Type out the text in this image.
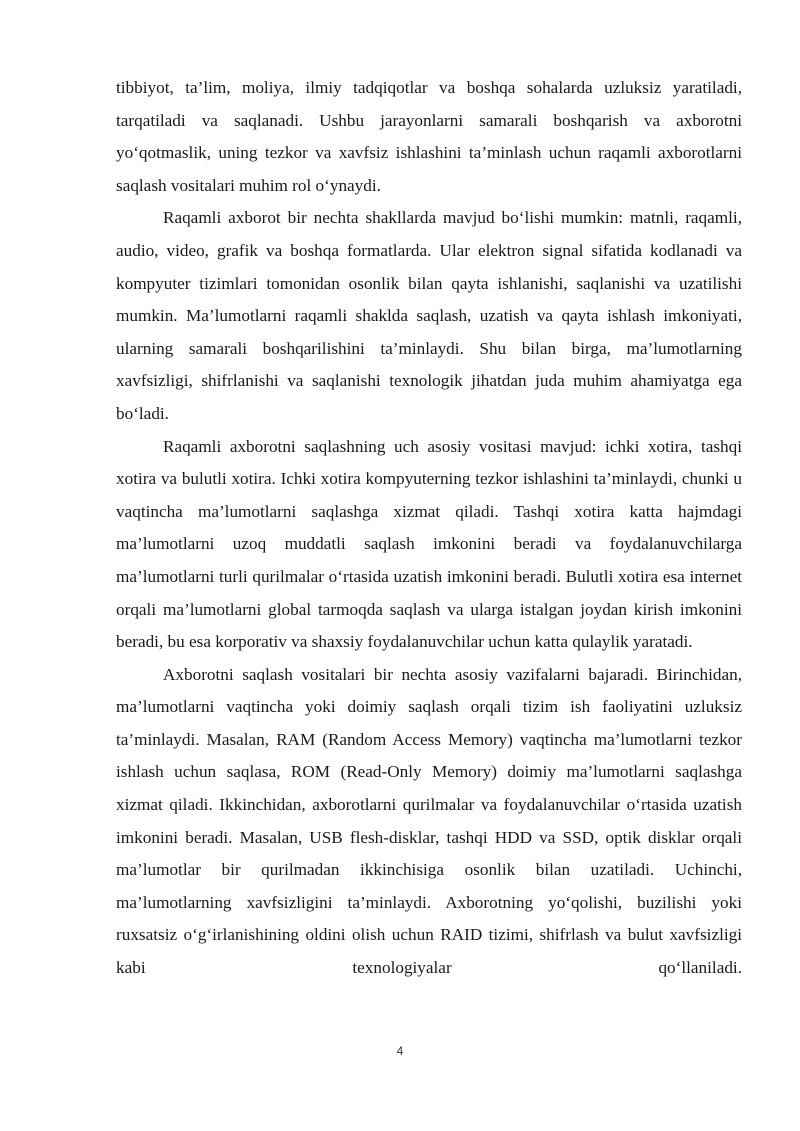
tibbiyot, ta’lim, moliya, ilmiy tadqiqotlar va boshqa sohalarda uzluksiz yaratiladi, tarqatiladi va saqlanadi. Ushbu jarayonlarni samarali boshqarish va axborotni yo‘qotmaslik, uning tezkor va xavfsiz ishlashini ta’minlash uchun raqamli axborotlarni saqlash vositalari muhim rol o‘ynaydi.

Raqamli axborot bir nechta shakllarda mavjud bo‘lishi mumkin: matnli, raqamli, audio, video, grafik va boshqa formatlarda. Ular elektron signal sifatida kodlanadi va kompyuter tizimlari tomonidan osonlik bilan qayta ishlanishi, saqlanishi va uzatilishi mumkin. Ma’lumotlarni raqamli shaklda saqlash, uzatish va qayta ishlash imkoniyati, ularning samarali boshqarilishini ta’minlaydi. Shu bilan birga, ma’lumotlarning xavfsizligi, shifrlanishi va saqlanishi texnologik jihatdan juda muhim ahamiyatga ega bo‘ladi.

Raqamli axborotni saqlashning uch asosiy vositasi mavjud: ichki xotira, tashqi xotira va bulutli xotira. Ichki xotira kompyuterning tezkor ishlashini ta’minlaydi, chunki u vaqtincha ma’lumotlarni saqlashga xizmat qiladi. Tashqi xotira katta hajmdagi ma’lumotlarni uzoq muddatli saqlash imkonini beradi va foydalanuvchilarga ma’lumotlarni turli qurilmalar o‘rtasida uzatish imkonini beradi. Bulutli xotira esa internet orqali ma’lumotlarni global tarmoqda saqlash va ularga istalgan joydan kirish imkonini beradi, bu esa korporativ va shaxsiy foydalanuvchilar uchun katta qulaylik yaratadi.

Axborotni saqlash vositalari bir nechta asosiy vazifalarni bajaradi. Birinchidan, ma’lumotlarni vaqtincha yoki doimiy saqlash orqali tizim ish faoliyatini uzluksiz ta’minlaydi. Masalan, RAM (Random Access Memory) vaqtincha ma’lumotlarni tezkor ishlash uchun saqlasa, ROM (Read-Only Memory) doimiy ma’lumotlarni saqlashga xizmat qiladi. Ikkinchidan, axborotlarni qurilmalar va foydalanuvchilar o‘rtasida uzatish imkonini beradi. Masalan, USB flesh-disklar, tashqi HDD va SSD, optik disklar orqali ma’lumotlar bir qurilmadan ikkinchisiga osonlik bilan uzatiladi. Uchinchi, ma’lumotlarning xavfsizligini ta’minlaydi. Axborotning yo‘qolishi, buzilishi yoki ruxsatsiz o‘g‘irlanishining oldini olish uchun RAID tizimi, shifrlash va bulut xavfsizligi kabi texnologiyalar qo‘llaniladi.

4
